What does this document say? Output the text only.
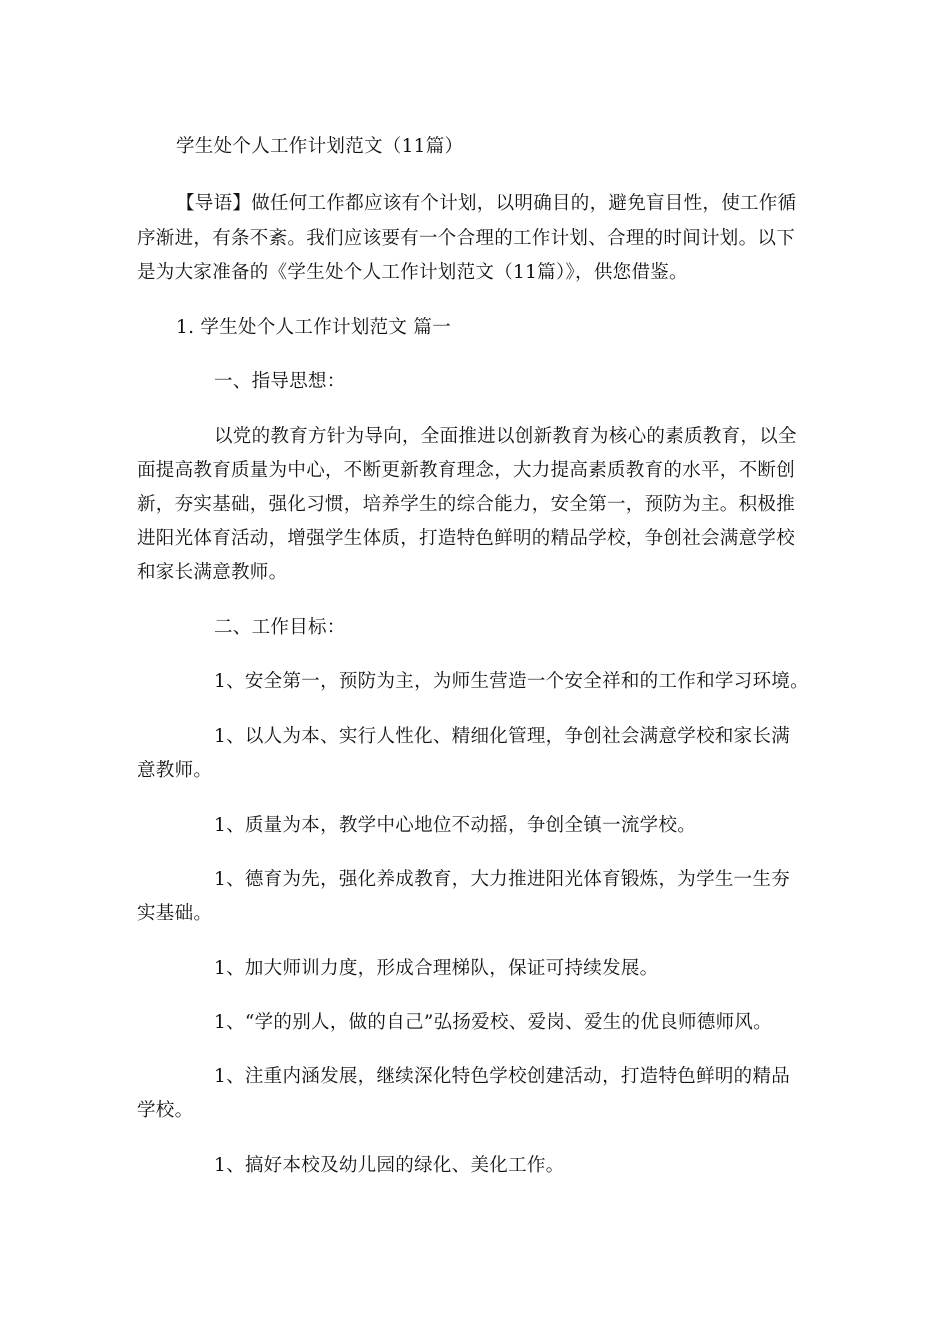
学生处个人工作计划范文（11篇）
【导语】做任何工作都应该有个计划，以明确目的，避免盲目性，使工作循
序渐进，有条不紊。我们应该要有一个合理的工作计划、合理的时间计划。以下
是为大家准备的《学生处个人工作计划范文（11篇）》，供您借鉴。
1. 学生处个人工作计划范文 篇一
一、指导思想：
以党的教育方针为导向，全面推进以创新教育为核心的素质教育，以全
面提高教育质量为中心，不断更新教育理念，大力提高素质教育的水平，不断创
新，夯实基础，强化习惯，培养学生的综合能力，安全第一，预防为主。积极推
进阳光体育活动，增强学生体质，打造特色鲜明的精品学校，争创社会满意学校
和家长满意教师。
二、工作目标：
1、安全第一，预防为主，为师生营造一个安全祥和的工作和学习环境。
1、以人为本、实行人性化、精细化管理，争创社会满意学校和家长满
意教师。
1、质量为本，教学中心地位不动摇，争创全镇一流学校。
1、德育为先，强化养成教育，大力推进阳光体育锻炼，为学生一生夯
实基础。
1、加大师训力度，形成合理梯队，保证可持续发展。
1、“学的别人，做的自己”弘扬爱校、爱岗、爱生的优良师德师风。
1、注重内涵发展，继续深化特色学校创建活动，打造特色鲜明的精品
学校。
1、搞好本校及幼儿园的绿化、美化工作。
